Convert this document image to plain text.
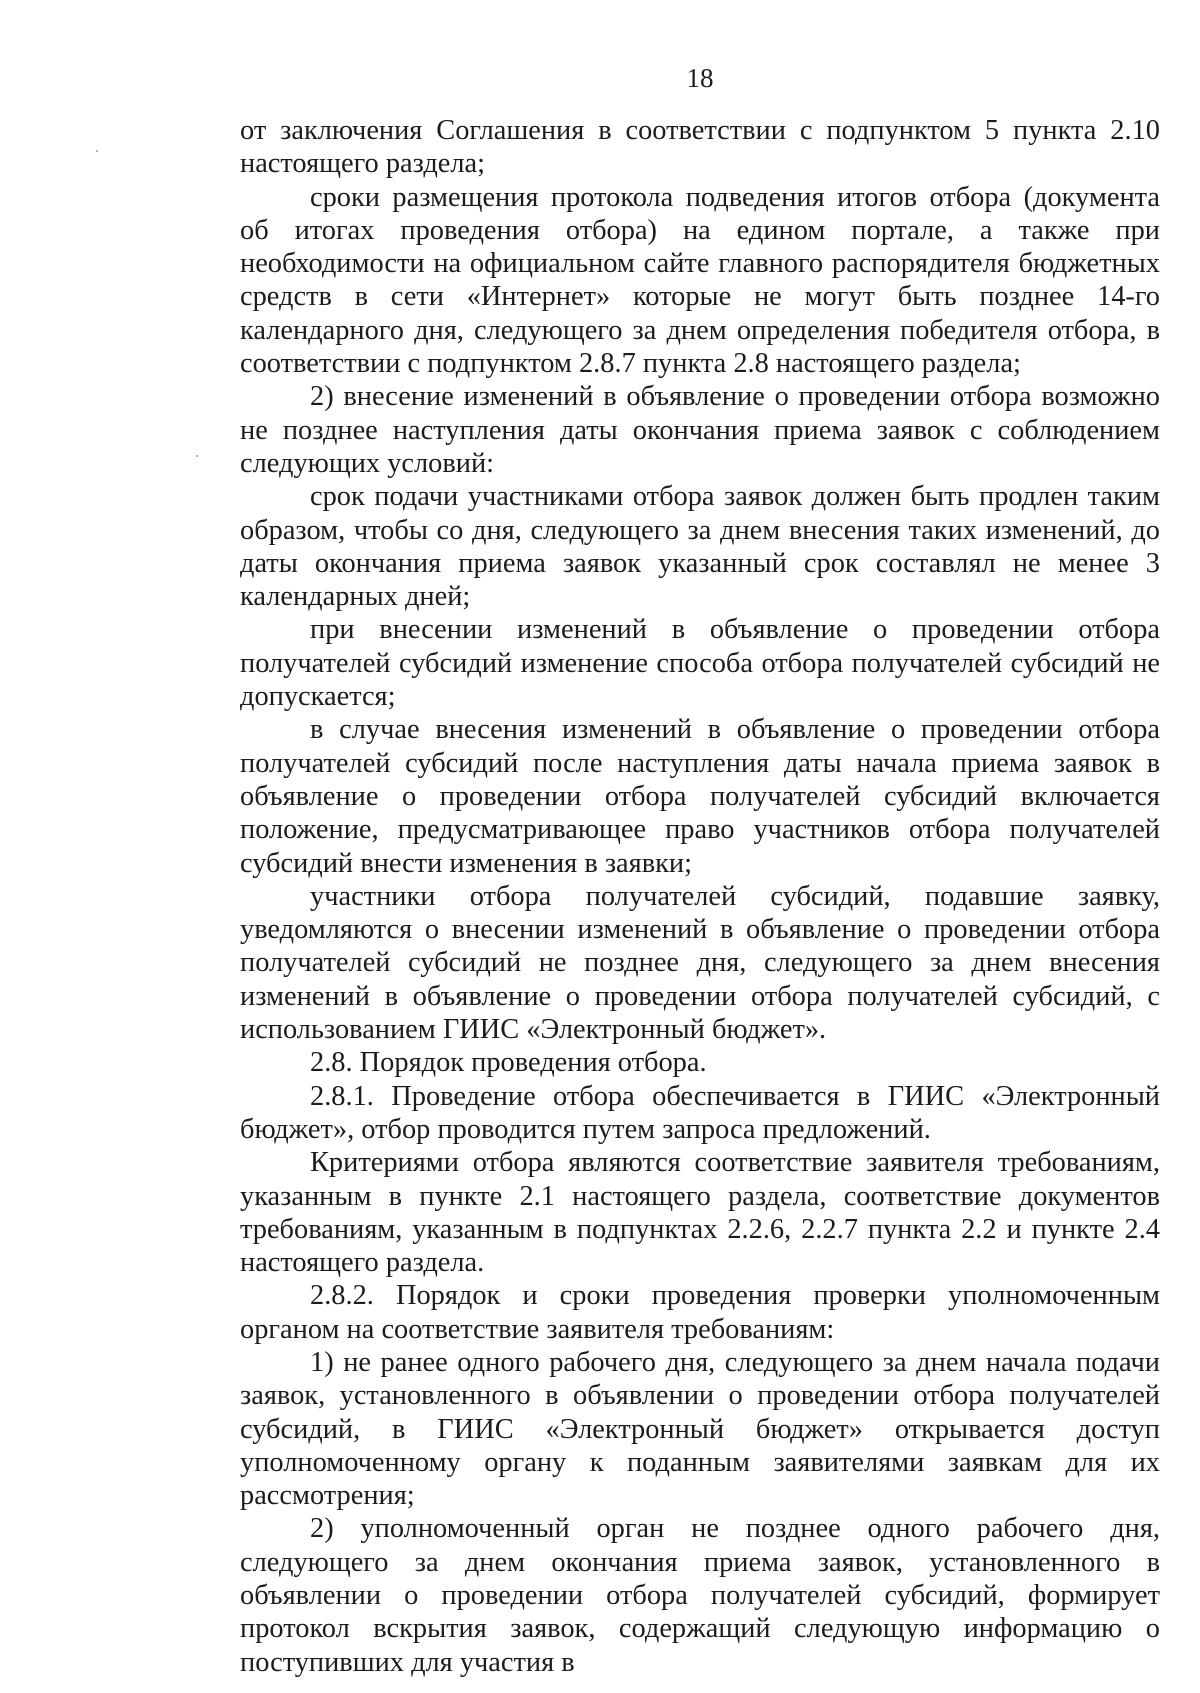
18

от заключения Соглашения в соответствии с подпунктом 5 пункта 2.10 настоящего раздела;

сроки размещения протокола подведения итогов отбора (документа об итогах проведения отбора) на едином портале, а также при необходимости на официальном сайте главного распорядителя бюджетных средств в сети «Интернет» которые не могут быть позднее 14-го календарного дня, следующего за днем определения победителя отбора, в соответствии с подпунктом 2.8.7 пункта 2.8 настоящего раздела;

2) внесение изменений в объявление о проведении отбора возможно не позднее наступления даты окончания приема заявок с соблюдением следующих условий:

срок подачи участниками отбора заявок должен быть продлен таким образом, чтобы со дня, следующего за днем внесения таких изменений, до даты окончания приема заявок указанный срок составлял не менее 3 календарных дней;

при внесении изменений в объявление о проведении отбора получателей субсидий изменение способа отбора получателей субсидий не допускается;

в случае внесения изменений в объявление о проведении отбора получателей субсидий после наступления даты начала приема заявок в объявление о проведении отбора получателей субсидий включается положение, предусматривающее право участников отбора получателей субсидий внести изменения в заявки;

участники отбора получателей субсидий, подавшие заявку, уведомляются о внесении изменений в объявление о проведении отбора получателей субсидий не позднее дня, следующего за днем внесения изменений в объявление о проведении отбора получателей субсидий, с использованием ГИИС «Электронный бюджет».

2.8. Порядок проведения отбора.

2.8.1. Проведение отбора обеспечивается в ГИИС «Электронный бюджет», отбор проводится путем запроса предложений.

Критериями отбора являются соответствие заявителя требованиям, указанным в пункте 2.1 настоящего раздела, соответствие документов требованиям, указанным в подпунктах 2.2.6, 2.2.7 пункта 2.2 и пункте 2.4 настоящего раздела.

2.8.2. Порядок и сроки проведения проверки уполномоченным органом на соответствие заявителя требованиям:

1) не ранее одного рабочего дня, следующего за днем начала подачи заявок, установленного в объявлении о проведении отбора получателей субсидий, в ГИИС «Электронный бюджет» открывается доступ уполномоченному органу к поданным заявителями заявкам для их рассмотрения;

2) уполномоченный орган не позднее одного рабочего дня, следующего за днем окончания приема заявок, установленного в объявлении о проведении отбора получателей субсидий, формирует протокол вскрытия заявок, содержащий следующую информацию о поступивших для участия в
